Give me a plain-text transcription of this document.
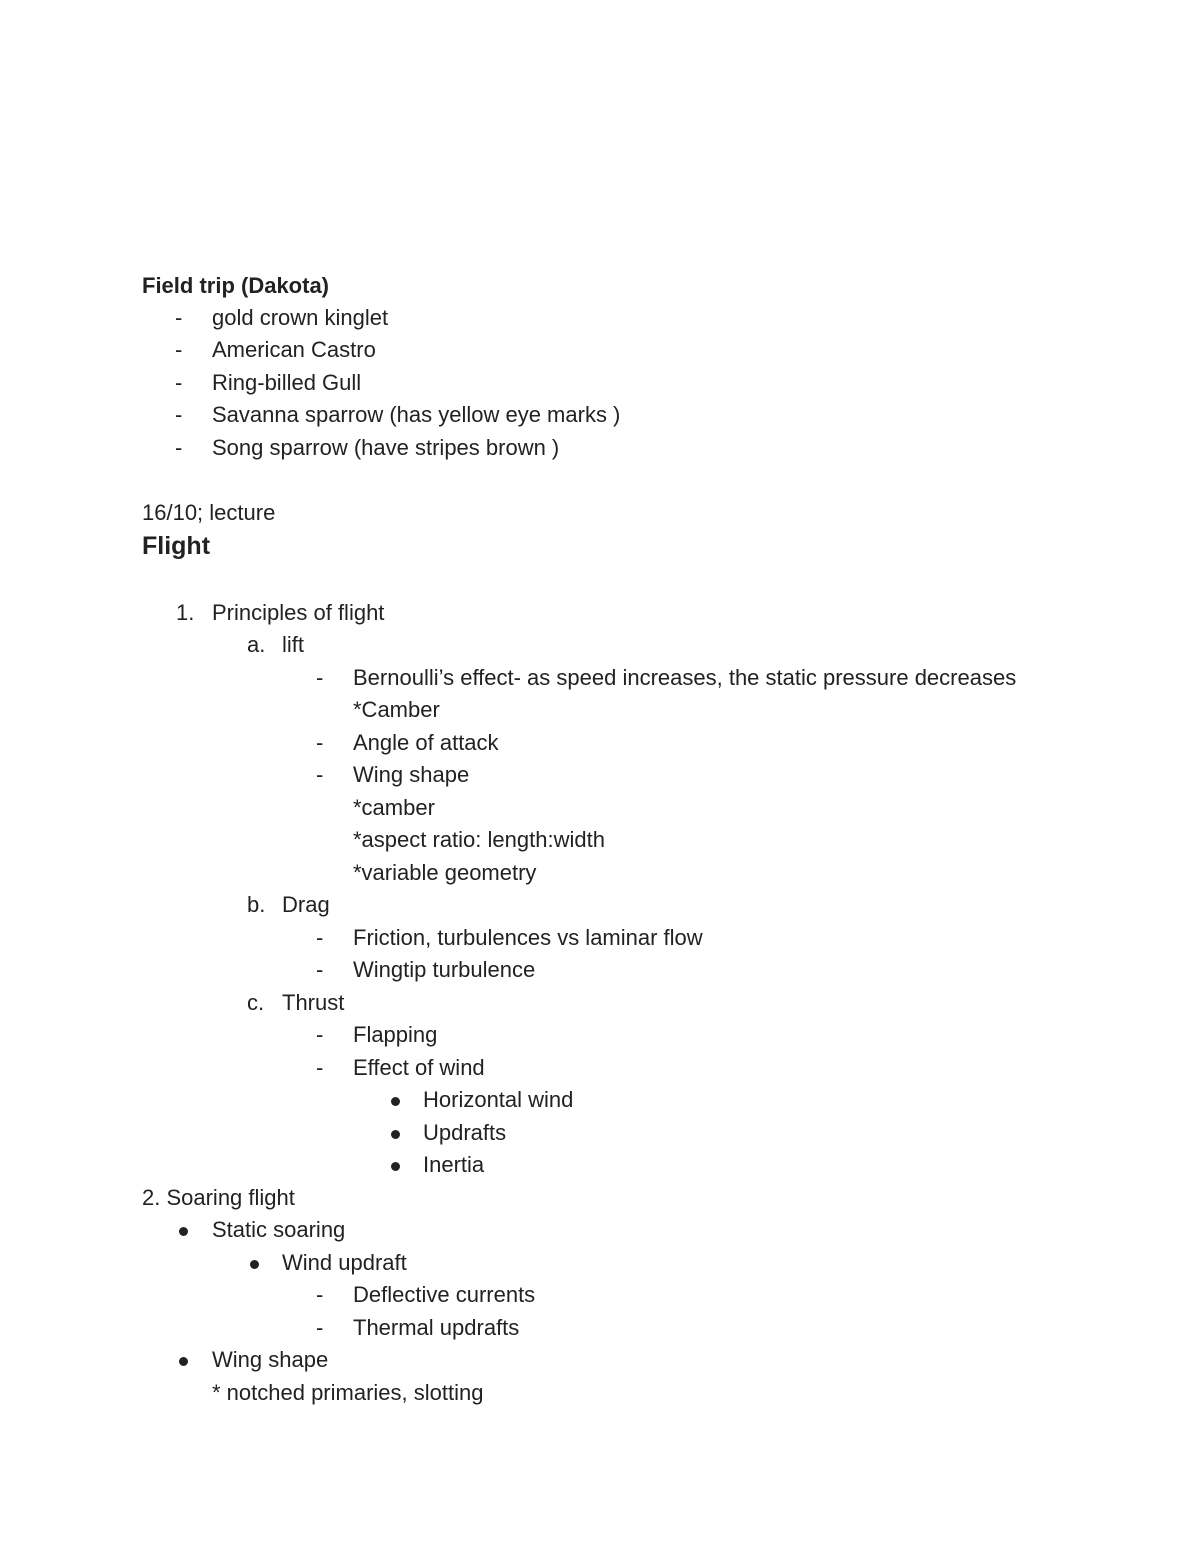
Field trip (Dakota)
- gold crown kinglet
- American Castro
- Ring-billed Gull
- Savanna sparrow (has yellow eye marks )
- Song sparrow (have stripes brown )
16/10; lecture
Flight
1. Principles of flight
a. lift
- Bernoulli’s effect- as speed increases, the static pressure decreases
*Camber
- Angle of attack
- Wing shape
*camber
*aspect ratio: length:width
*variable geometry
b. Drag
- Friction, turbulences vs laminar flow
- Wingtip turbulence
c. Thrust
- Flapping
- Effect of wind
Horizontal wind
Updrafts
Inertia
2. Soaring flight
Static soaring
Wind updraft
- Deflective currents
- Thermal updrafts
Wing shape
* notched primaries, slotting
